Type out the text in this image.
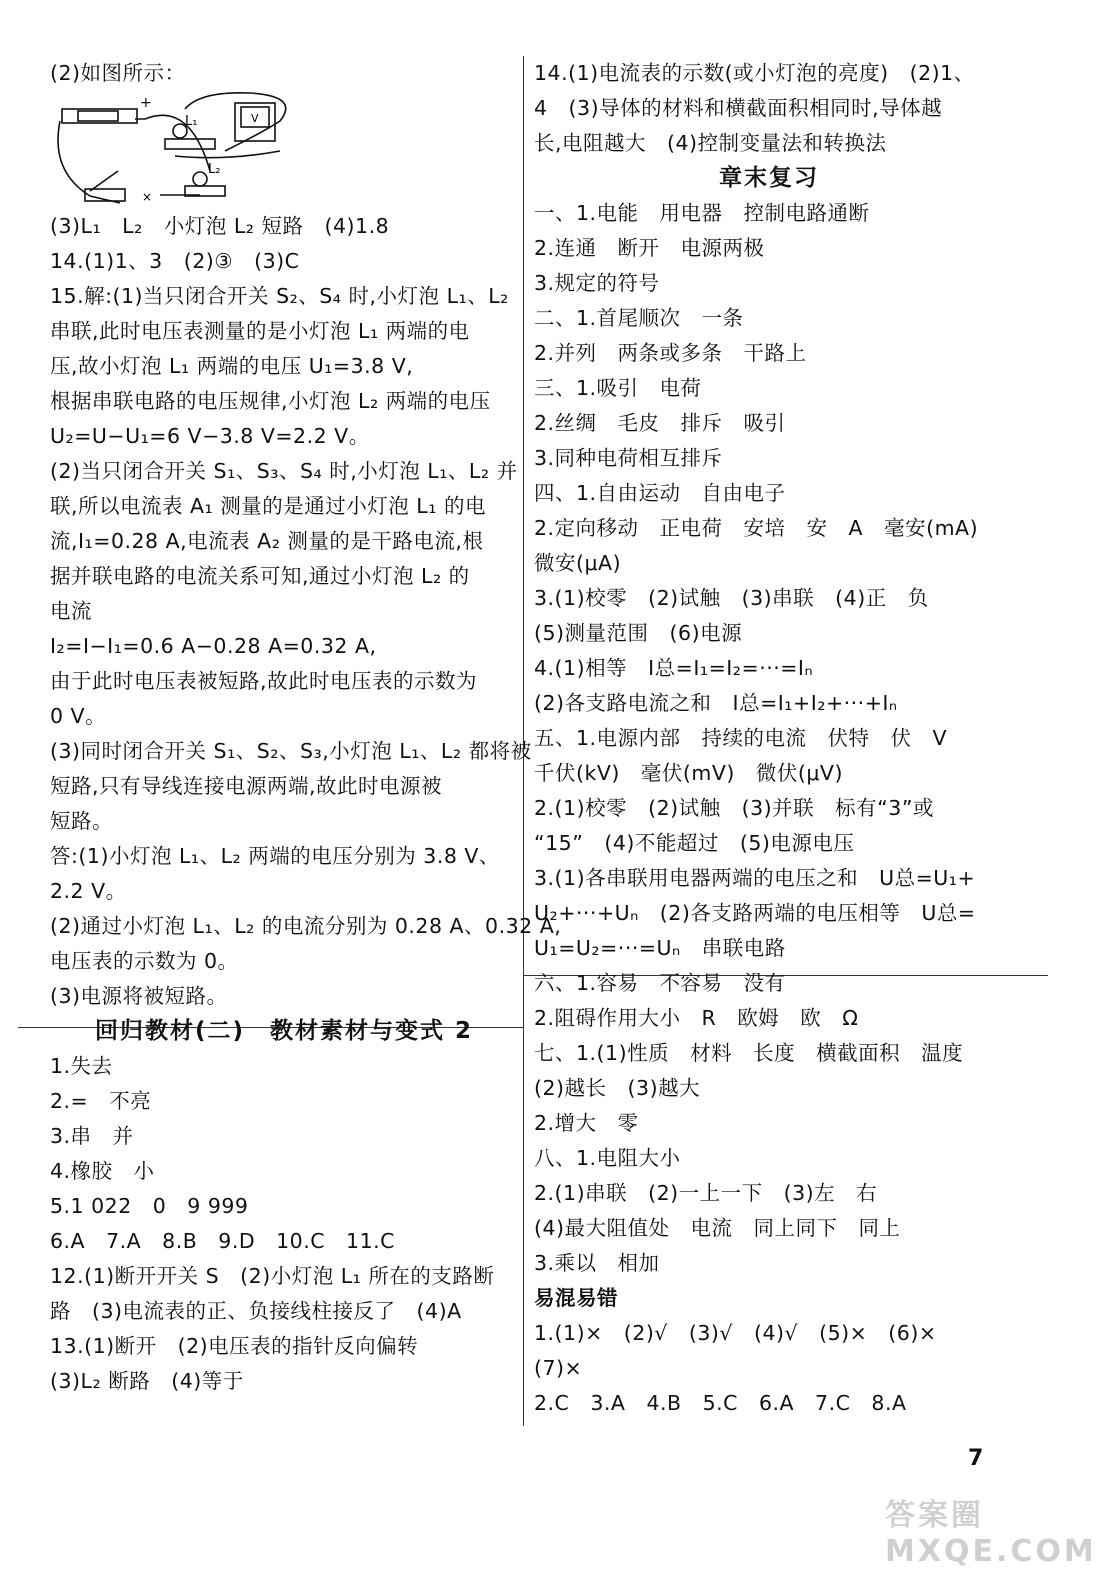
(2)如图所示：
+
L₁
L₂
V
×
(3)L₁　L₂　小灯泡 L₂ 短路　(4)1.8
14.(1)1、3　(2)③　(3)C
15.解:(1)当只闭合开关 S₂、S₄ 时,小灯泡 L₁、L₂
串联,此时电压表测量的是小灯泡 L₁ 两端的电
压,故小灯泡 L₁ 两端的电压 U₁=3.8 V,
根据串联电路的电压规律,小灯泡 L₂ 两端的电压
U₂=U−U₁=6 V−3.8 V=2.2 V。
(2)当只闭合开关 S₁、S₃、S₄ 时,小灯泡 L₁、L₂ 并
联,所以电流表 A₁ 测量的是通过小灯泡 L₁ 的电
流,I₁=0.28 A,电流表 A₂ 测量的是干路电流,根
据并联电路的电流关系可知,通过小灯泡 L₂ 的
电流
I₂=I−I₁=0.6 A−0.28 A=0.32 A,
由于此时电压表被短路,故此时电压表的示数为
0 V。
(3)同时闭合开关 S₁、S₂、S₃,小灯泡 L₁、L₂ 都将被
短路,只有导线连接电源两端,故此时电源被
短路。
答:(1)小灯泡 L₁、L₂ 两端的电压分别为 3.8 V、
2.2 V。
(2)通过小灯泡 L₁、L₂ 的电流分别为 0.28 A、0.32 A,
电压表的示数为 0。
(3)电源将被短路。
回归教材(二)　教材素材与变式 2
1.失去
2.=　不亮
3.串　并
4.橡胶　小
5.1 022　0　9 999
6.A　7.A　8.B　9.D　10.C　11.C
12.(1)断开开关 S　(2)小灯泡 L₁ 所在的支路断
路　(3)电流表的正、负接线柱接反了　(4)A
13.(1)断开　(2)电压表的指针反向偏转
(3)L₂ 断路　(4)等于
14.(1)电流表的示数(或小灯泡的亮度)　(2)1、
4　(3)导体的材料和横截面积相同时,导体越
长,电阻越大　(4)控制变量法和转换法
章末复习
一、1.电能　用电器　控制电路通断
2.连通　断开　电源两极
3.规定的符号
二、1.首尾顺次　一条
2.并列　两条或多条　干路上
三、1.吸引　电荷
2.丝绸　毛皮　排斥　吸引
3.同种电荷相互排斥
四、1.自由运动　自由电子
2.定向移动　正电荷　安培　安　A　毫安(mA)
微安(μA)
3.(1)校零　(2)试触　(3)串联　(4)正　负
(5)测量范围　(6)电源
4.(1)相等　I总=I₁=I₂=···=Iₙ
(2)各支路电流之和　I总=I₁+I₂+···+Iₙ
五、1.电源内部　持续的电流　伏特　伏　V
千伏(kV)　毫伏(mV)　微伏(μV)
2.(1)校零　(2)试触　(3)并联　标有“3”或
“15”　(4)不能超过　(5)电源电压
3.(1)各串联用电器两端的电压之和　U总=U₁+
U₂+···+Uₙ　(2)各支路两端的电压相等　U总=
U₁=U₂=···=Uₙ　串联电路
六、1.容易　不容易　没有
2.阻碍作用大小　R　欧姆　欧　Ω
七、1.(1)性质　材料　长度　横截面积　温度
(2)越长　(3)越大
2.增大　零
八、1.电阻大小
2.(1)串联　(2)一上一下　(3)左　右
(4)最大阻值处　电流　同上同下　同上
3.乘以　相加
易混易错
1.(1)×　(2)√　(3)√　(4)√　(5)×　(6)×
(7)×
2.C　3.A　4.B　5.C　6.A　7.C　8.A
7
答案圈 MXQE.COM
